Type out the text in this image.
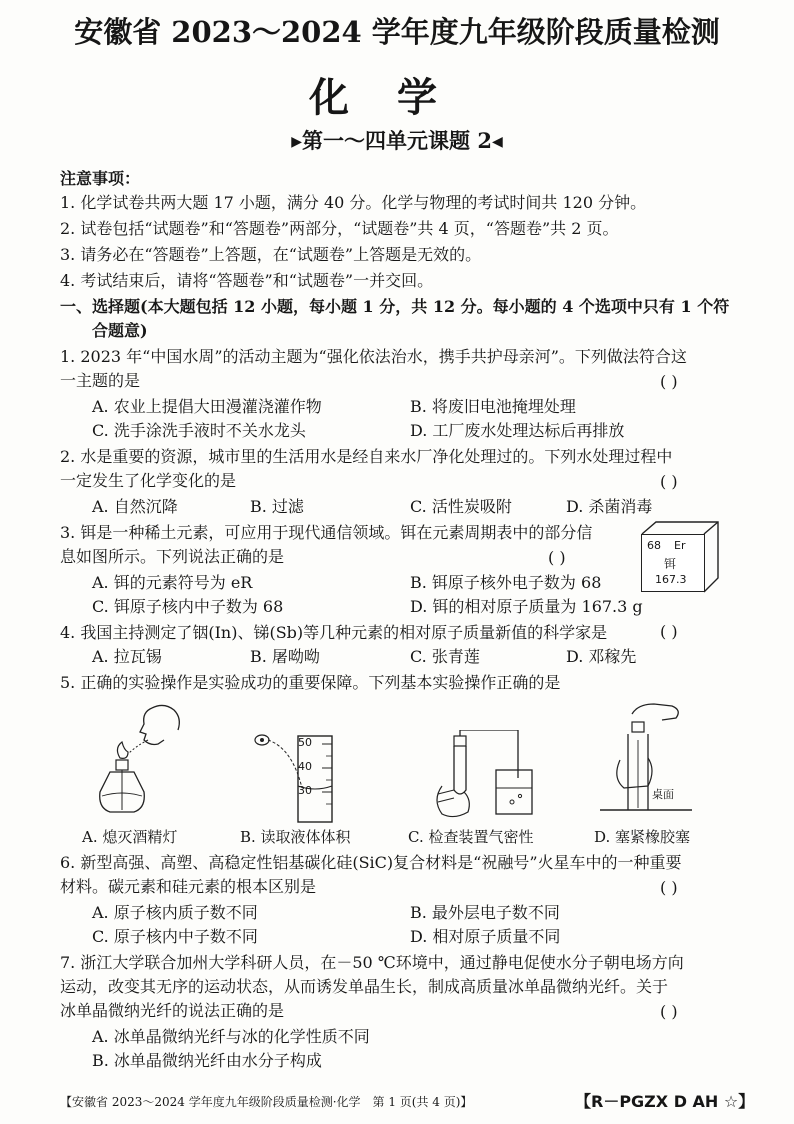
安徽省 2023～2024 学年度九年级阶段质量检测
化学
▶第一～四单元课题 2◀
注意事项：
1. 化学试卷共两大题 17 小题，满分 40 分。化学与物理的考试时间共 120 分钟。
2. 试卷包括“试题卷”和“答题卷”两部分，“试题卷”共 4 页，“答题卷”共 2 页。
3. 请务必在“答题卷”上答题，在“试题卷”上答题是无效的。
4. 考试结束后，请将“答题卷”和“试题卷”一并交回。
一、选择题(本大题包括 12 小题，每小题 1 分，共 12 分。每小题的 4 个选项中只有 1 个符
合题意)
1. 2023 年“中国水周”的活动主题为“强化依法治水，携手共护母亲河”。下列做法符合这
一主题的是	( )
A. 农业上提倡大田漫灌浇灌作物	B. 将废旧电池掩埋处理
C. 洗手涂洗手液时不关水龙头	D. 工厂废水处理达标后再排放
2. 水是重要的资源，城市里的生活用水是经自来水厂净化处理过的。下列水处理过程中
一定发生了化学变化的是	( )
A. 自然沉降	B. 过滤	C. 活性炭吸附	D. 杀菌消毒
3. 铒是一种稀土元素，可应用于现代通信领域。铒在元素周期表中的部分信
息如图所示。下列说法正确的是	( )
A. 铒的元素符号为 eR	B. 铒原子核外电子数为 68
C. 铒原子核内中子数为 68	D. 铒的相对原子质量为 167.3 g
68 Er
铒
167.3
4. 我国主持测定了铟(In)、锑(Sb)等几种元素的相对原子质量新值的科学家是	( )
A. 拉瓦锡	B. 屠呦呦	C. 张青莲	D. 邓稼先
5. 正确的实验操作是实验成功的重要保障。下列基本实验操作正确的是
A. 熄灭酒精灯
50
40
30
B. 读取液体体积	C. 检查装置气密性
桌面
D. 塞紧橡胶塞
6. 新型高强、高塑、高稳定性铝基碳化硅(SiC)复合材料是“祝融号”火星车中的一种重要
材料。碳元素和硅元素的根本区别是	( )
A. 原子核内质子数不同	B. 最外层电子数不同
C. 原子核内中子数不同	D. 相对原子质量不同
7. 浙江大学联合加州大学科研人员，在－50 ℃环境中，通过静电促使水分子朝电场方向
运动，改变其无序的运动状态，从而诱发单晶生长，制成高质量冰单晶微纳光纤。关于
冰单晶微纳光纤的说法正确的是	( )
A. 冰单晶微纳光纤与冰的化学性质不同
B. 冰单晶微纳光纤由水分子构成
【安徽省 2023～2024 学年度九年级阶段质量检测·化学　第 1 页(共 4 页)】	【R－PGZX D AH ☆】
